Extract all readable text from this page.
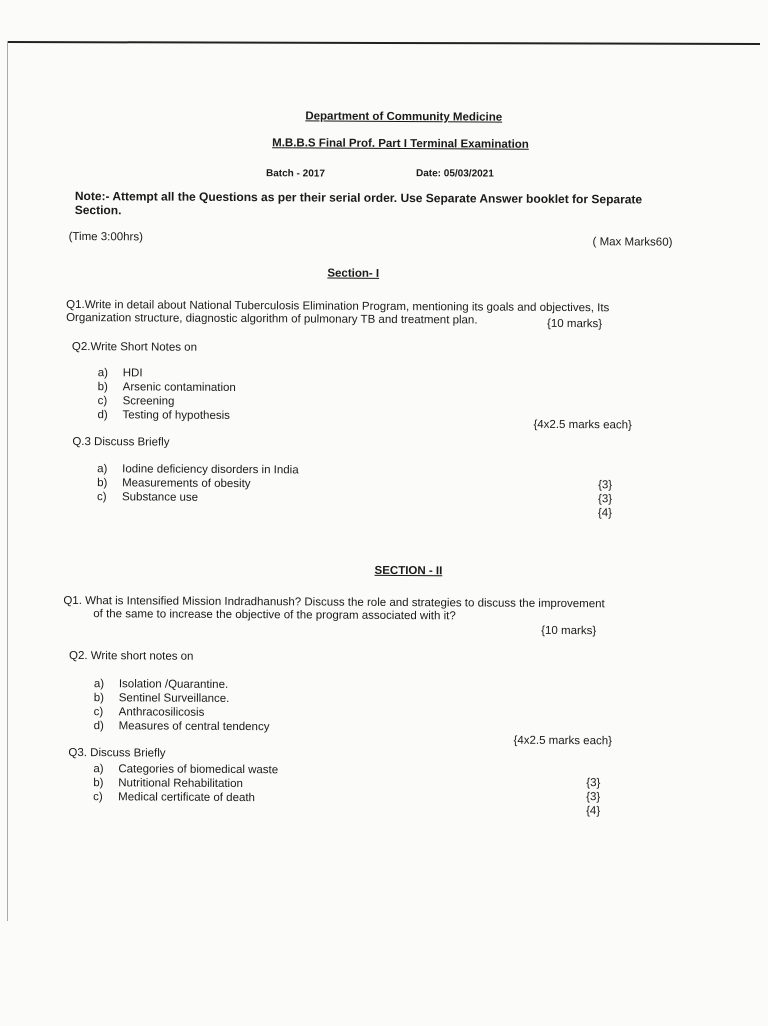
Department of Community Medicine
M.B.B.S Final Prof. Part I Terminal Examination
Batch - 2017	Date: 05/03/2021
Note:- Attempt all the Questions as per their serial order. Use Separate Answer booklet for Separate
Section.
(Time 3:00hrs)	( Max Marks60)
Section- I
Q1.Write in detail about National Tuberculosis Elimination Program, mentioning its goals and objectives, Its
Organization structure, diagnostic algorithm of pulmonary TB and treatment plan.	{10 marks}
Q2.Write Short Notes on
a) HDI
b) Arsenic contamination
c) Screening
d) Testing of hypothesis
{4x2.5 marks each}
Q.3 Discuss Briefly
a) Iodine deficiency disorders in India
b) Measurements of obesity
c) Substance use
{3}
{3}
{4}
SECTION - II
Q1. What is Intensified Mission Indradhanush? Discuss the role and strategies to discuss the improvement
of the same to increase the objective of the program associated with it?
{10 marks}
Q2. Write short notes on
a) Isolation /Quarantine.
b) Sentinel Surveillance.
c) Anthracosilicosis
d) Measures of central tendency
{4x2.5 marks each}
Q3. Discuss Briefly
a) Categories of biomedical waste
b) Nutritional Rehabilitation
c) Medical certificate of death
{3}
{3}
{4}
